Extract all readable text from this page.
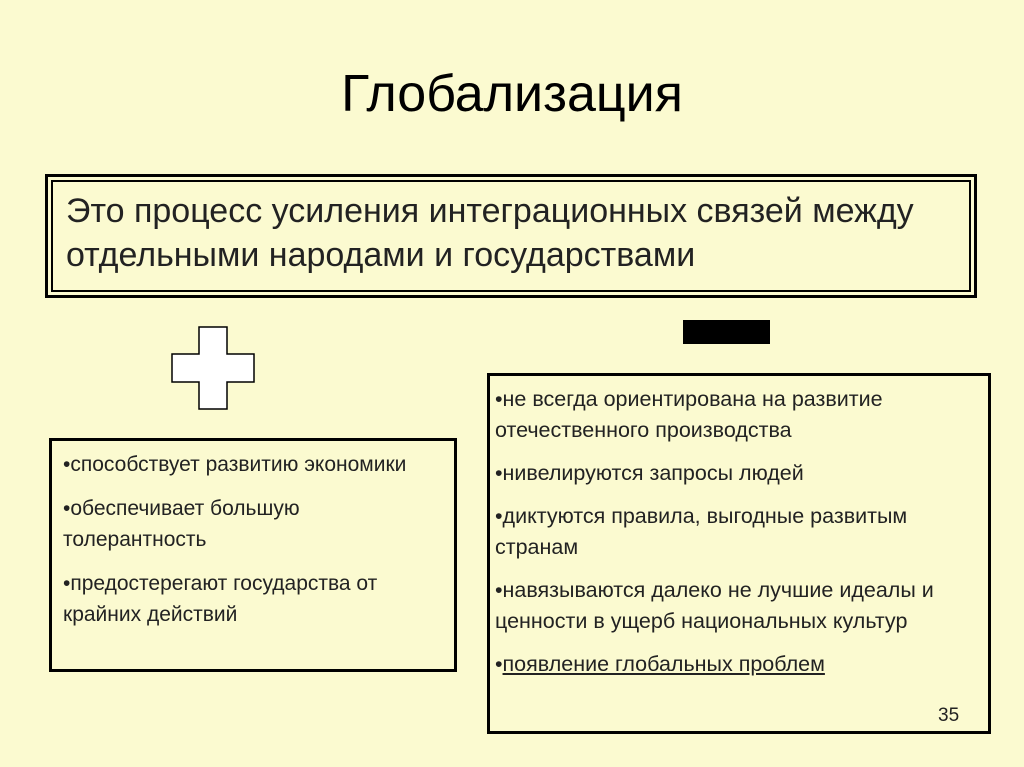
Глобализация
Это процесс усиления интеграционных связей между отдельными народами и государствами
•способствует развитию экономики
•обеспечивает большую толерантность
•предостерегают государства от крайних действий
•не всегда ориентирована на развитие отечественного производства
•нивелируются запросы людей
•диктуются правила, выгодные развитым странам
•навязываются далеко не лучшие идеалы и ценности в ущерб национальных культур
•появление глобальных проблем
35
